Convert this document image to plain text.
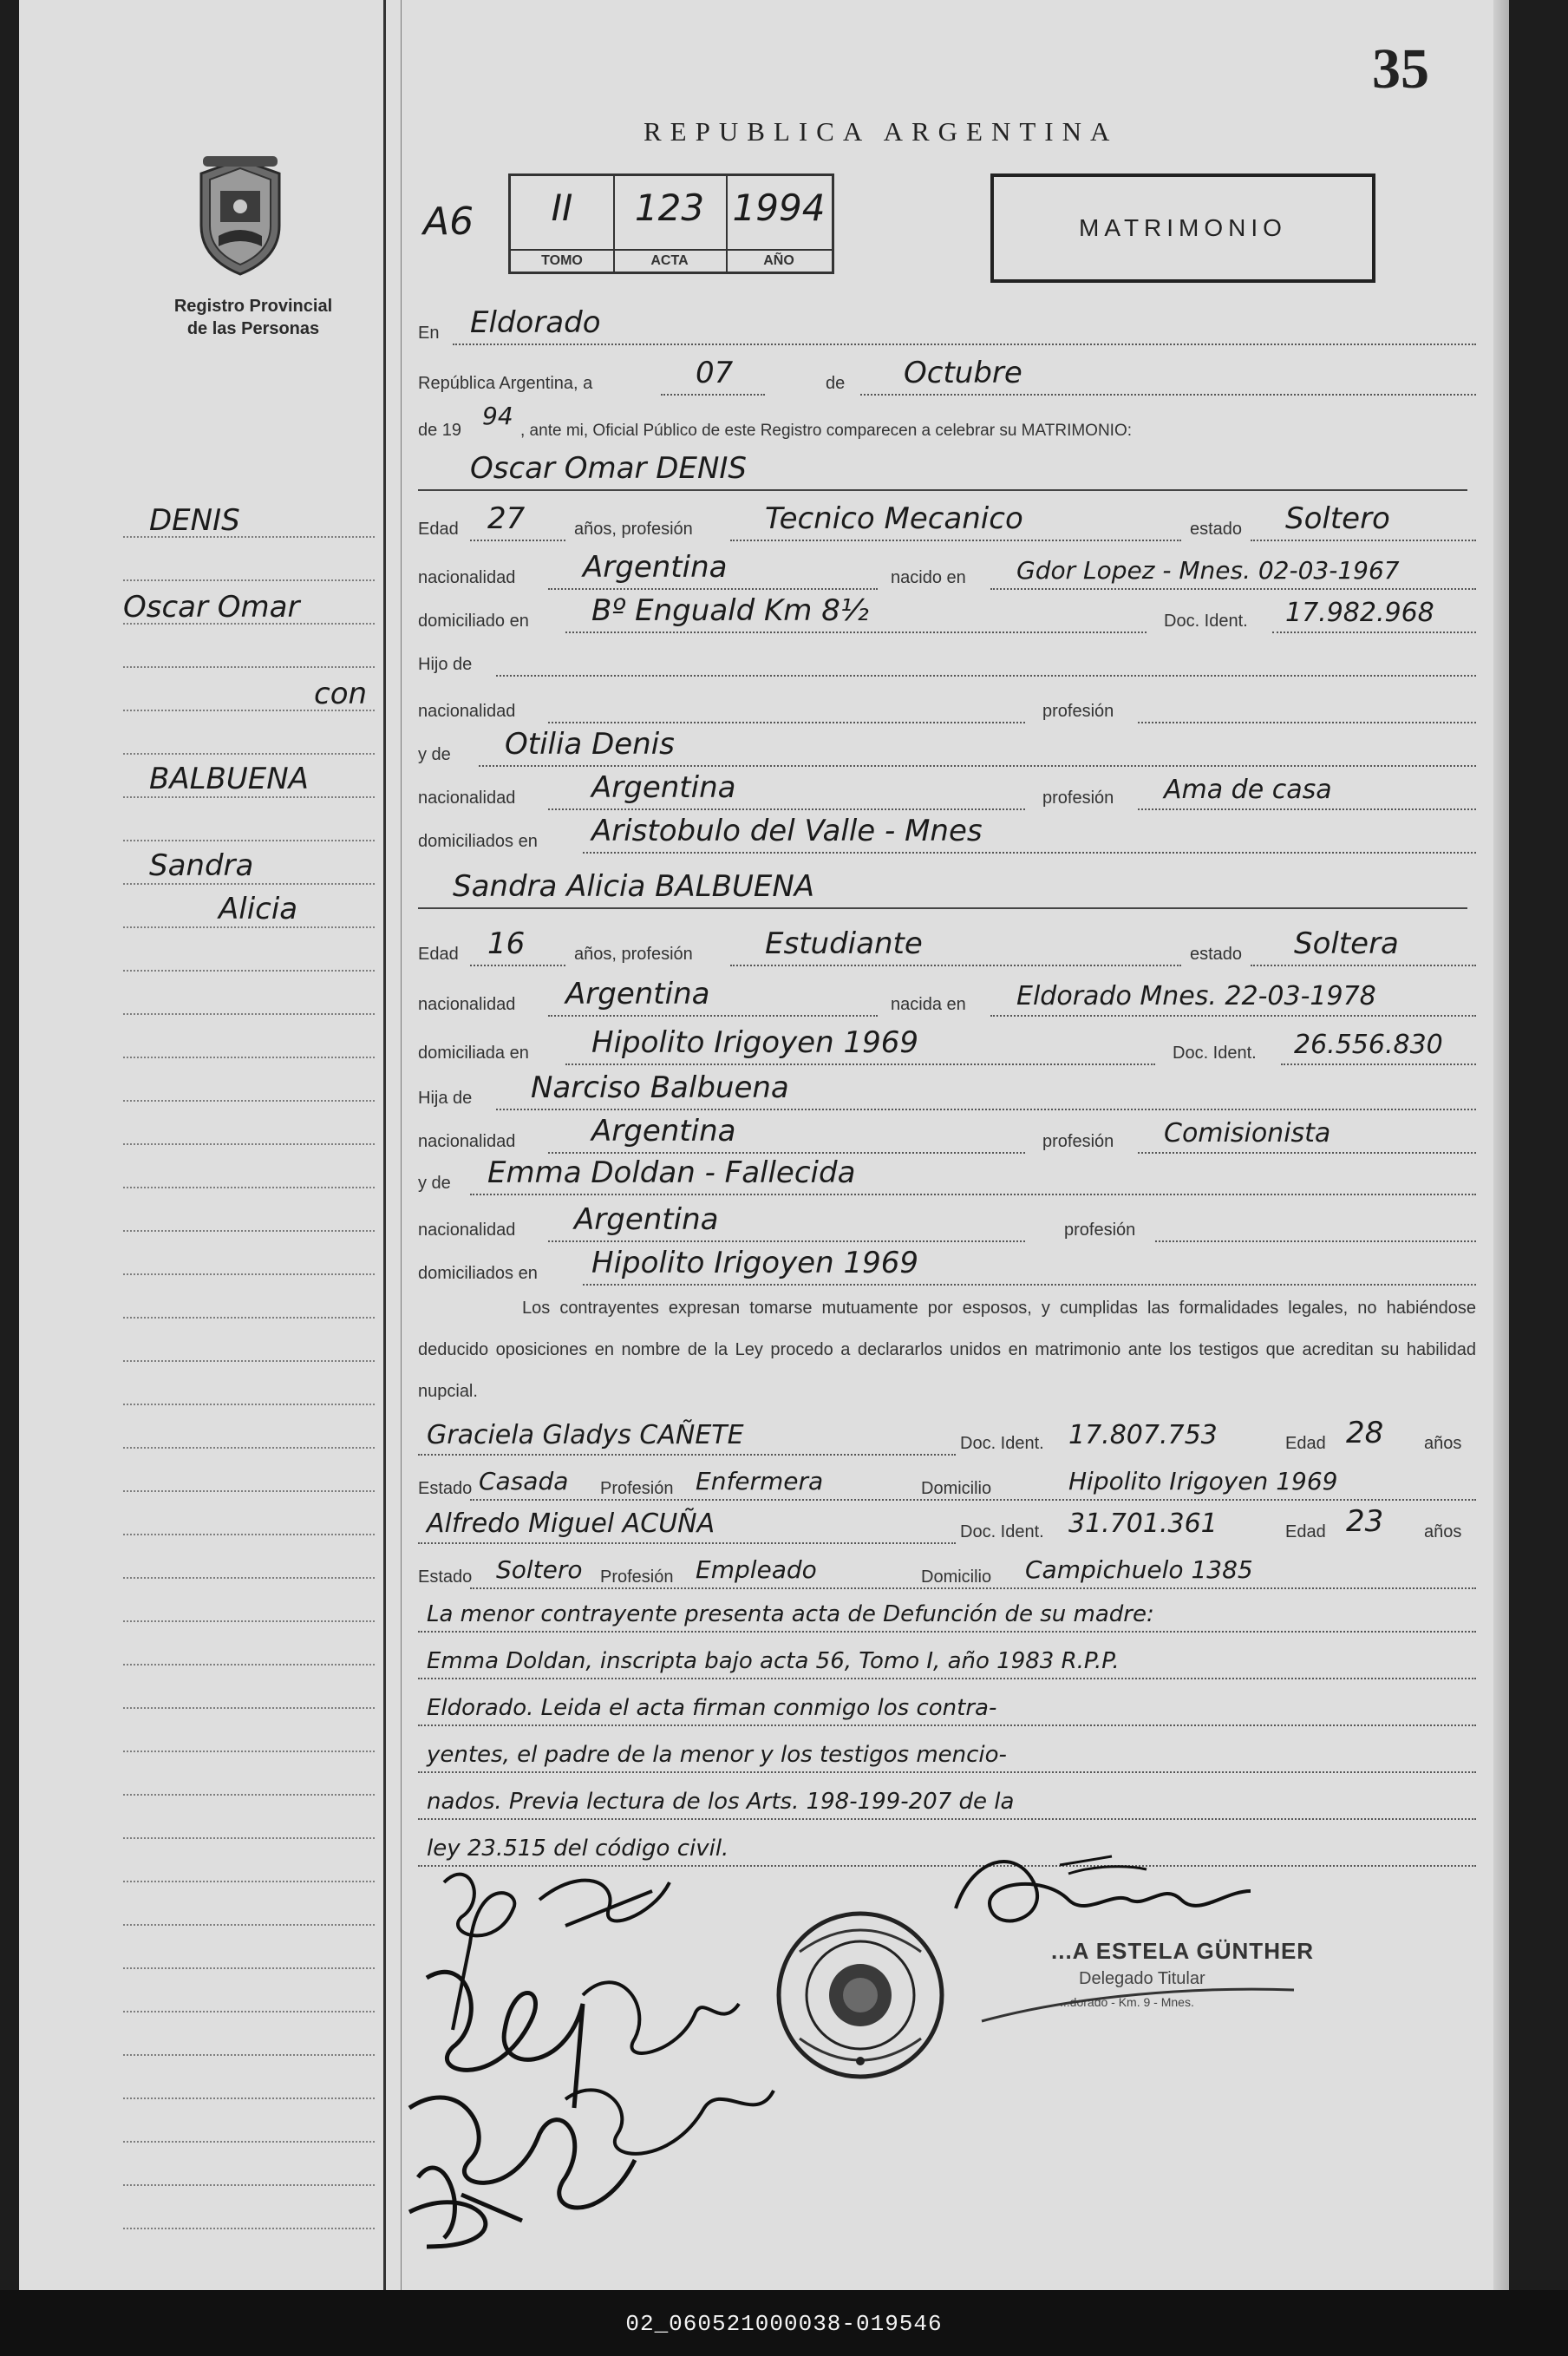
Registro Provincial
de las Personas
DENIS
Oscar Omar
con
BALBUENA
Sandra
Alicia
35
REPUBLICA ARGENTINA
A6	II
TOMO
123
ACTA
1994
AÑO
MATRIMONIO
En Eldorado
República Argentina, a	07	de Octubre
de 19 94
, ante mi, Oficial Público de este Registro comparecen a celebrar su MATRIMONIO:
Oscar Omar DENIS
Edad 27	años, profesión Tecnico Mecanico	estado Soltero
nacionalidad Argentina	nacido en Gdor Lopez - Mnes. 02-03-1967
domiciliado en Bº Enguald Km 8½	Doc. Ident. 17.982.968
Hijo de
nacionalidad	profesión
y de Otilia Denis
nacionalidad	Argentina	profesión Ama de casa
domiciliados en Aristobulo del Valle - Mnes
Sandra Alicia BALBUENA
Edad 16	años, profesión Estudiante	estado Soltera
nacionalidad Argentina	nacida en Eldorado Mnes. 22-03-1978
domiciliada en Hipolito Irigoyen 1969	Doc. Ident. 26.556.830
Hija de Narciso Balbuena
nacionalidad	Argentina	profesión Comisionista
y de Emma Doldan - Fallecida
nacionalidad Argentina	profesión
domiciliados en Hipolito Irigoyen 1969
Los contrayentes expresan tomarse mutuamente por esposos, y cumplidas las formalidades legales, no habiéndose deducido oposiciones en nombre de la Ley procedo a declararlos unidos en matrimonio ante los testigos que acreditan su habilidad nupcial.
Graciela Gladys CAÑETE	Doc. Ident. 17.807.753	Edad 28 años
Estado Casada Profesión Enfermera	Domicilio	Hipolito Irigoyen 1969
Alfredo Miguel ACUÑA	Doc. Ident. 31.701.361	Edad 23 años
Estado Soltero Profesión Empleado	Domicilio Campichuelo 1385
La menor contrayente presenta acta de Defunción de su madre:
Emma Doldan, inscripta bajo acta 56, Tomo I, año 1983 R.P.P.
Eldorado. Leida el acta firman conmigo los contra-
yentes, el padre de la menor y los testigos mencio-
nados. Previa lectura de los Arts. 198-199-207 de la
ley 23.515 del código civil.
...A ESTELA GÜNTHER
Delegado Titular
...dorado - Km. 9 - Mnes.
02_060521000038-019546
